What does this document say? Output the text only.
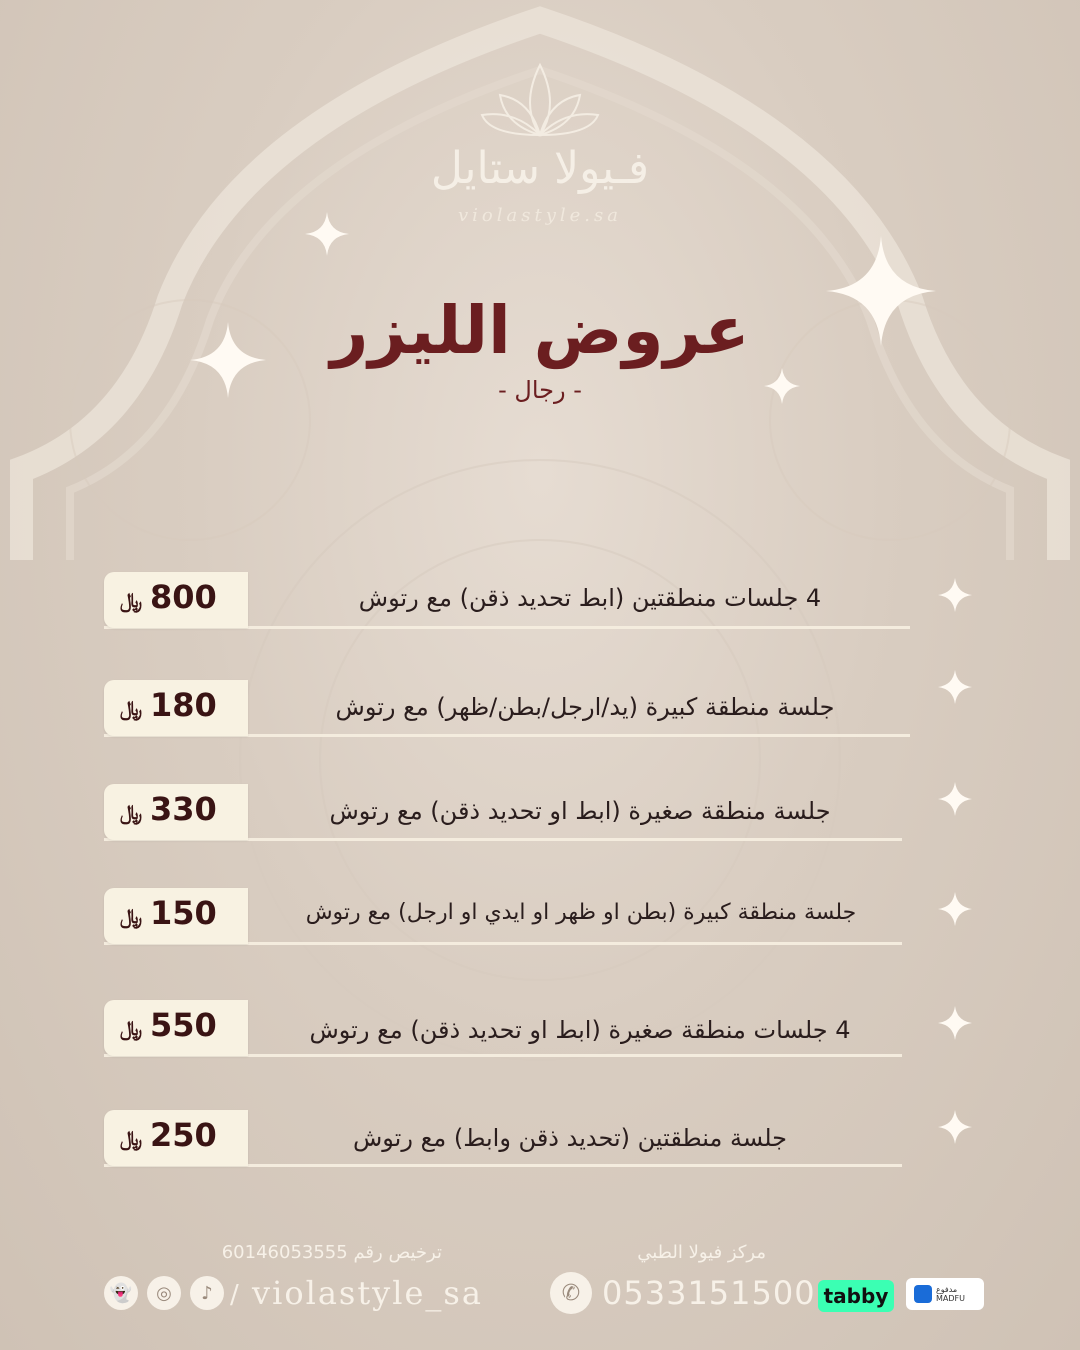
فـيولا ستايل
violastyle.sa
عروض الليزر
- رجال -
﷼ 800	4 جلسات منطقتين (ابط تحديد ذقن) مع رتوش
﷼ 180	جلسة منطقة كبيرة (يد/ارجل/بطن/ظهر) مع رتوش
﷼ 330	جلسة منطقة صغيرة (ابط او تحديد ذقن) مع رتوش
﷼ 150	جلسة منطقة كبيرة (بطن او ظهر او ايدي او ارجل) مع رتوش
﷼ 550	4 جلسات منطقة صغيرة (ابط او تحديد ذقن) مع رتوش
﷼ 250	جلسة منطقتين (تحديد ذقن وابط) مع رتوش
ترخيص رقم 60146053555	مركز فيولا الطبي
👻	◎	♪ / violastyle_sa	✆ 0533151500 tabby	مدفوع MADFU
